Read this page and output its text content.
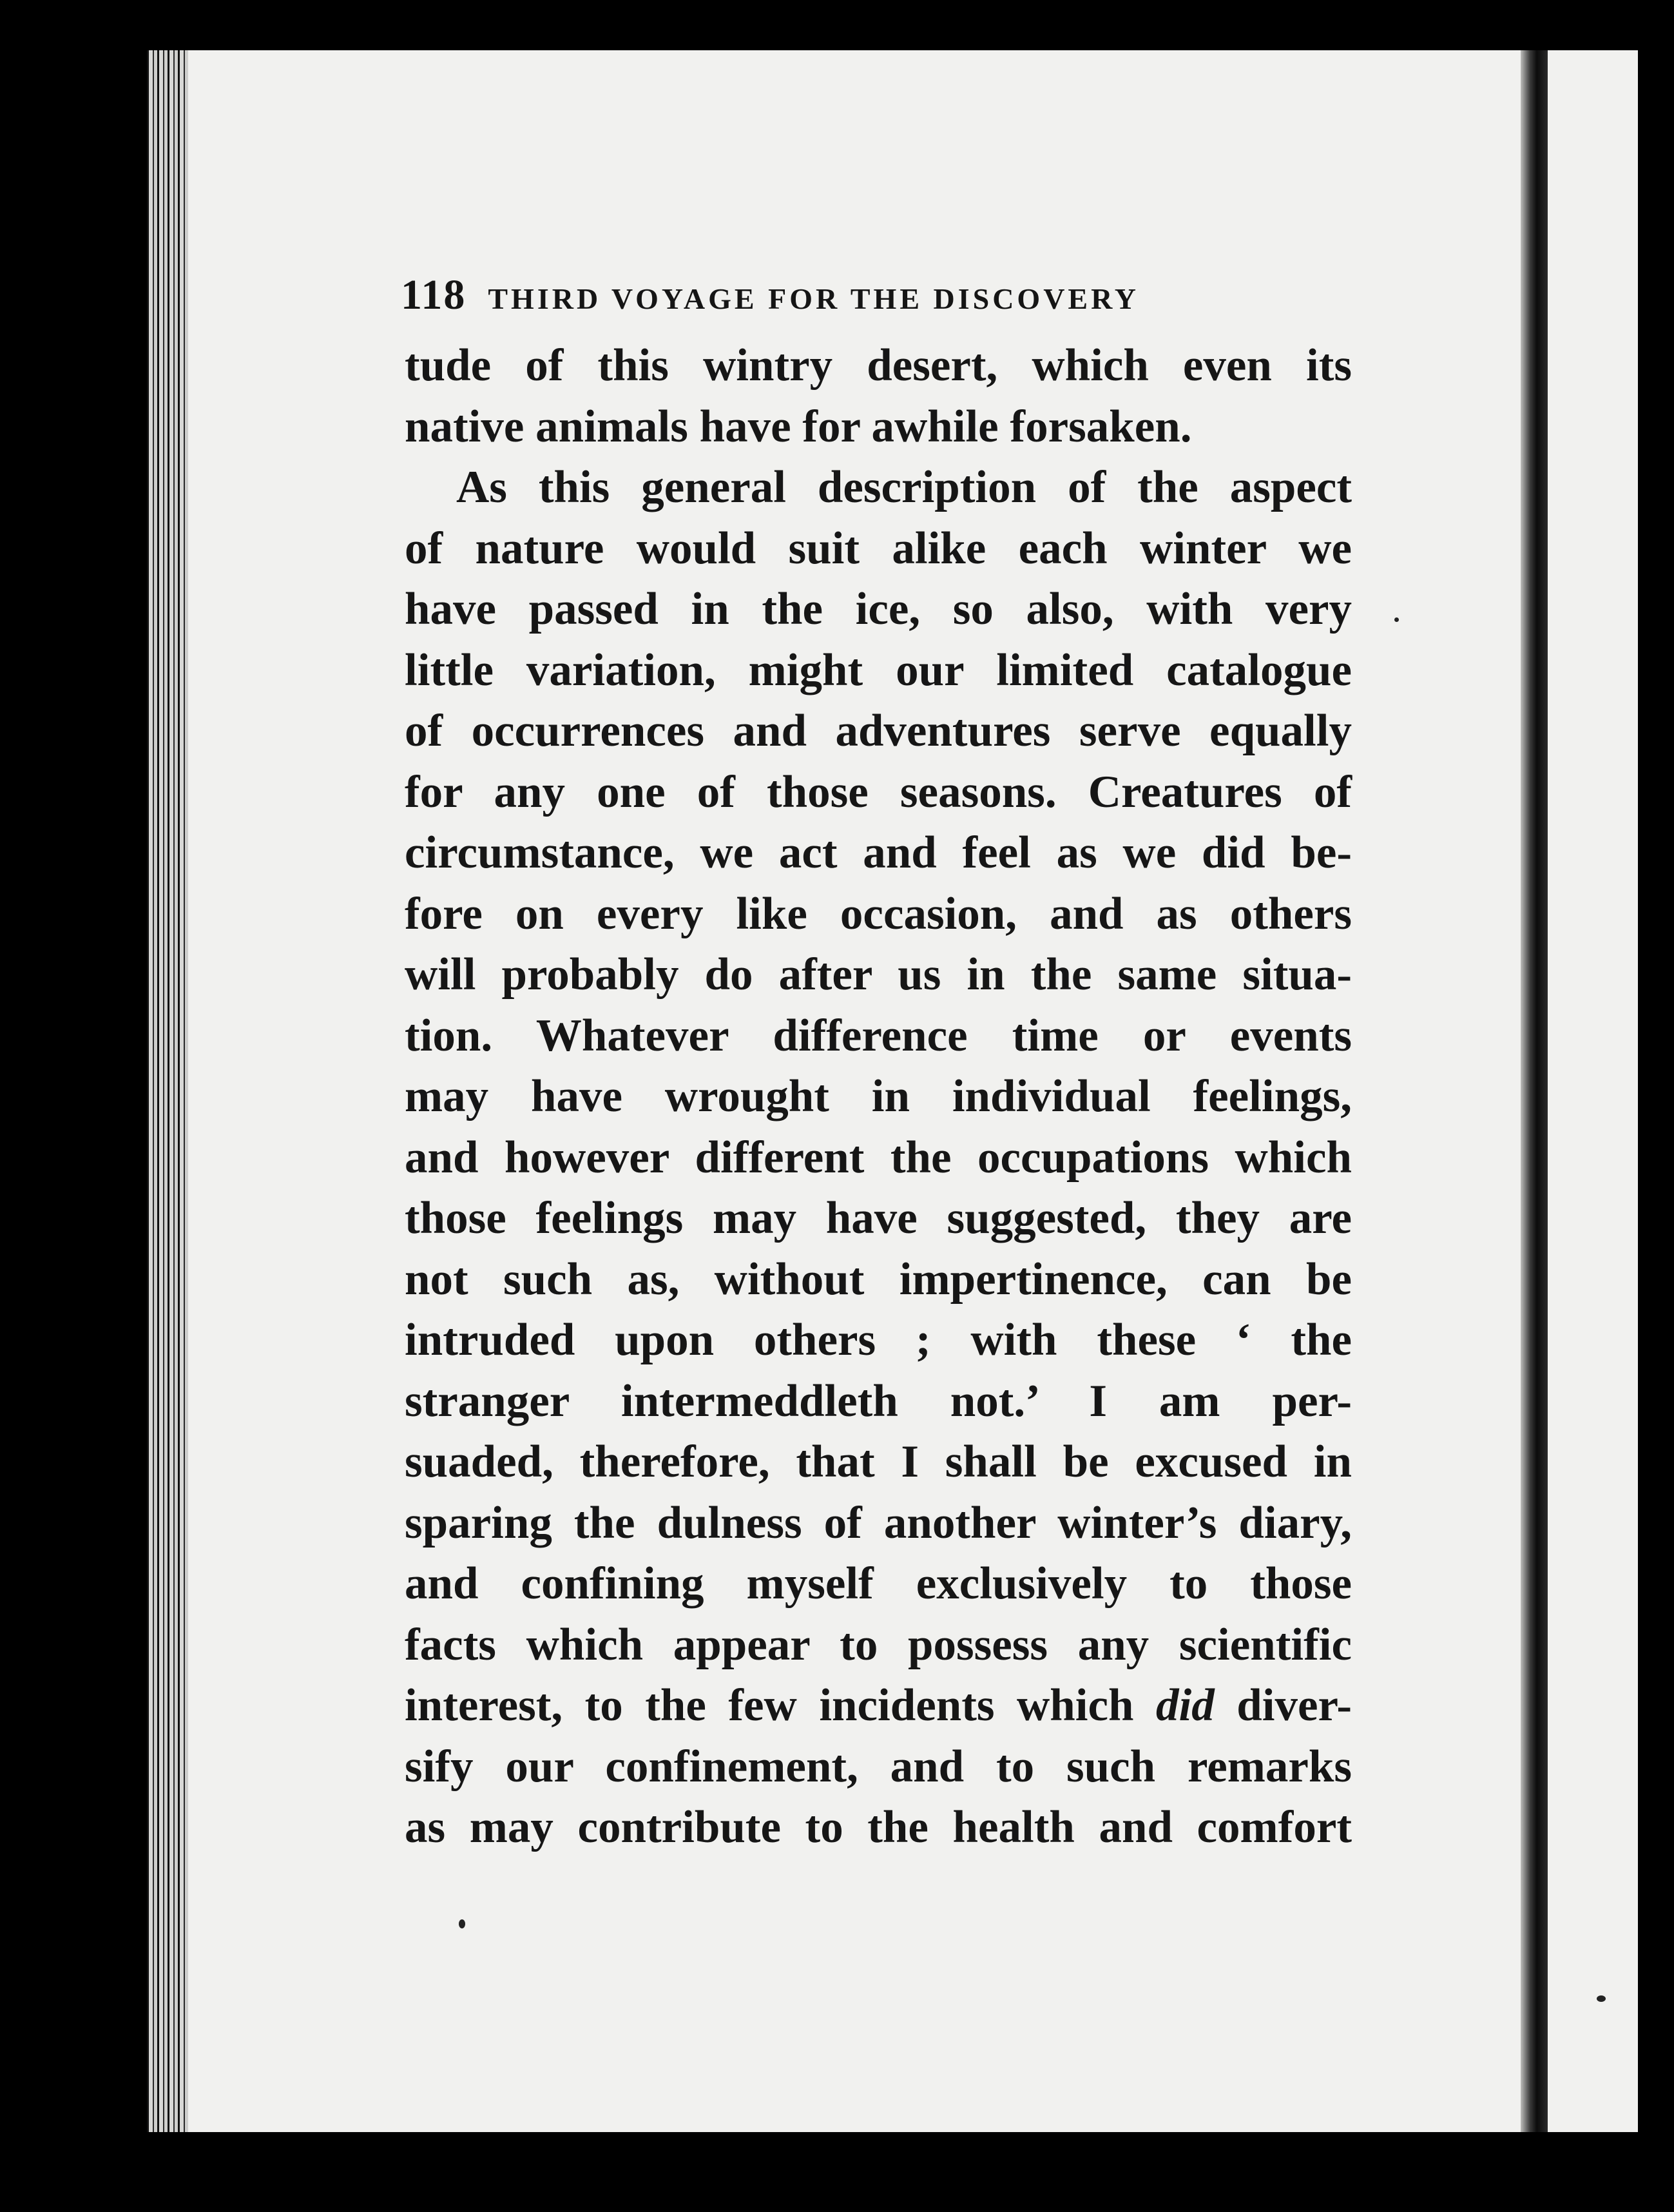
118 THIRD VOYAGE FOR THE DISCOVERY
tude of this wintry desert, which even its
native animals have for awhile forsaken.
As this general description of the aspect
of nature would suit alike each winter we
have passed in the ice, so also, with very
little variation, might our limited catalogue
of occurrences and adventures serve equally
for any one of those seasons. Creatures of
circumstance, we act and feel as we did be-
fore on every like occasion, and as others
will probably do after us in the same situa-
tion. Whatever difference time or events
may have wrought in individual feelings,
and however different the occupations which
those feelings may have suggested, they are
not such as, without impertinence, can be
intruded upon others ; with these ‘ the
stranger intermeddleth not.’ I am per-
suaded, therefore, that I shall be excused in
sparing the dulness of another winter’s diary,
and confining myself exclusively to those
facts which appear to possess any scientific
interest, to the few incidents which did diver-
sify our confinement, and to such remarks
as may contribute to the health and comfort
